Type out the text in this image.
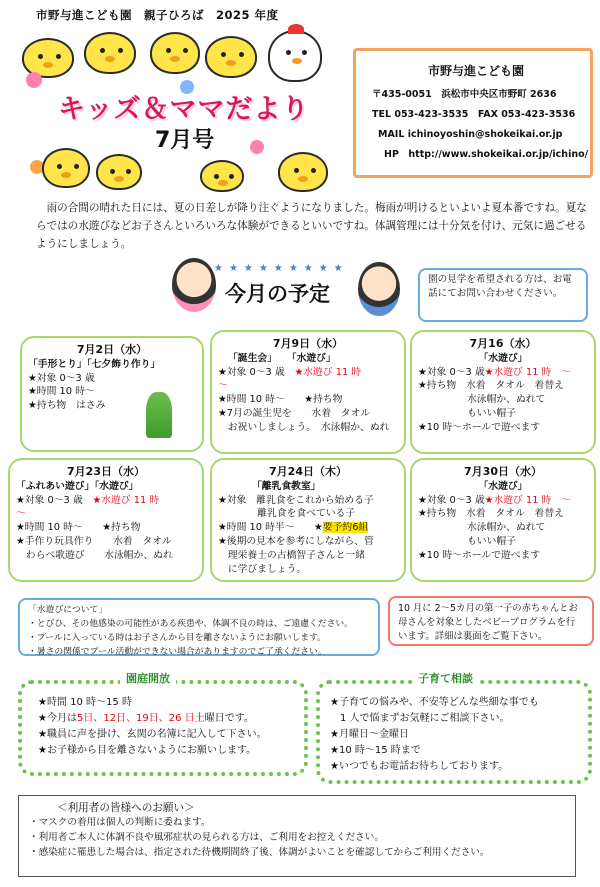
市野与進こども園　親子ひろば　2025 年度
キッズ＆ママだより
7月号
市野与進こども園
〒435-0051　浜松市中央区市野町 2636
TEL 053-423-3535　FAX 053-423-3536
MAIL ichinoyoshin@shokeikai.or.jp
HP　http://www.shokeikai.or.jp/ichino/
　雨の合間の晴れた日には、夏の日差しが降り注ぐようになりました。梅雨が明けるといよいよ夏本番ですね。夏ならではの水遊びなどお子さんといろいろな体験ができるといいですね。体調管理には十分気を付け、元気に過ごせるようにしましょう。
★★★★★★★★★
今月の予定
園の見学を希望される方は、お電話にてお問い合わせください。
7月2日（水）
「手形とり」「七夕飾り作り」
★対象 0～3 歳
★時間 10 時～
★持ち物　はさみ
7月9日（水）
「誕生会」　　「水遊び」
★対象 0～3 歳　 ★水遊び 11 時
～
★時間 10 時～　　★持ち物
★7月の誕生児を　　水着　タオル
　お祝いしましょう。　水泳帽か、ぬれ
7月16（水）
「水遊び」
★対象 0～3 歳★水遊び 11 時　～
★持ち物　水着　タオル　着替え
　　　　　水泳帽か、ぬれて
　　　　　もいい帽子
★10 時～ホールで遊べます
7月23日（水）
「ふれあい遊び」「水遊び」
★対象 0～3 歳　 ★水遊び 11 時
～
★時間 10 時～　　★持ち物
★手作り玩具作り　　水着　タオル
　わらべ歌遊び　　水泳帽か、ぬれ
7月24日（木）
「離乳食教室」
★対象　離乳食をこれから始める子
　　　　離乳食を食べている子
★時間 10 時半～　　★要予約6組
★後期の見本を参考にしながら、管
　理栄養士の古橋智子さんと一緒
　に学びましょう。
7月30日（水）
「水遊び」
★対象 0～3 歳★水遊び 11 時　～
★持ち物　水着　タオル　着替え
　　　　　水泳帽か、ぬれて
　　　　　もいい帽子
★10 時～ホールで遊べます
「水遊びについて」
・とびひ、その他感染の可能性がある疾患や、体調不良の時は、ご遠慮ください。
・プールに入っている時はお子さんから目を離さないようにお願いします。
・暑さの関係でプール活動ができない場合がありますのでご了承ください。
10 月に 2～5カ月の第一子の赤ちゃんとお母さんを対象としたベビープログラムを行います。詳細は裏面をご覧下さい。
園庭開放
★時間 10 時～15 時
★今月は5日、12日、19日、26 日土曜日です。
★職員に声を掛け、玄関の名簿に記入して下さい。
★お子様から目を離さないようにお願いします。
子育て相談
★子育ての悩みや、不安等どんな些細な事でも
　1 人で悩まずお気軽にご相談下さい。
★月曜日～金曜日
★10 時～15 時まで
★いつでもお電話お待ちしております。
＜利用者の皆様へのお願い＞
・マスクの着用は個人の判断に委ねます。
・利用者ご本人に体調不良や風邪症状の見られる方は、ご利用をお控えください。
・感染症に罹患した場合は、指定された待機期間終了後、体調がよいことを確認してからご利用ください。
